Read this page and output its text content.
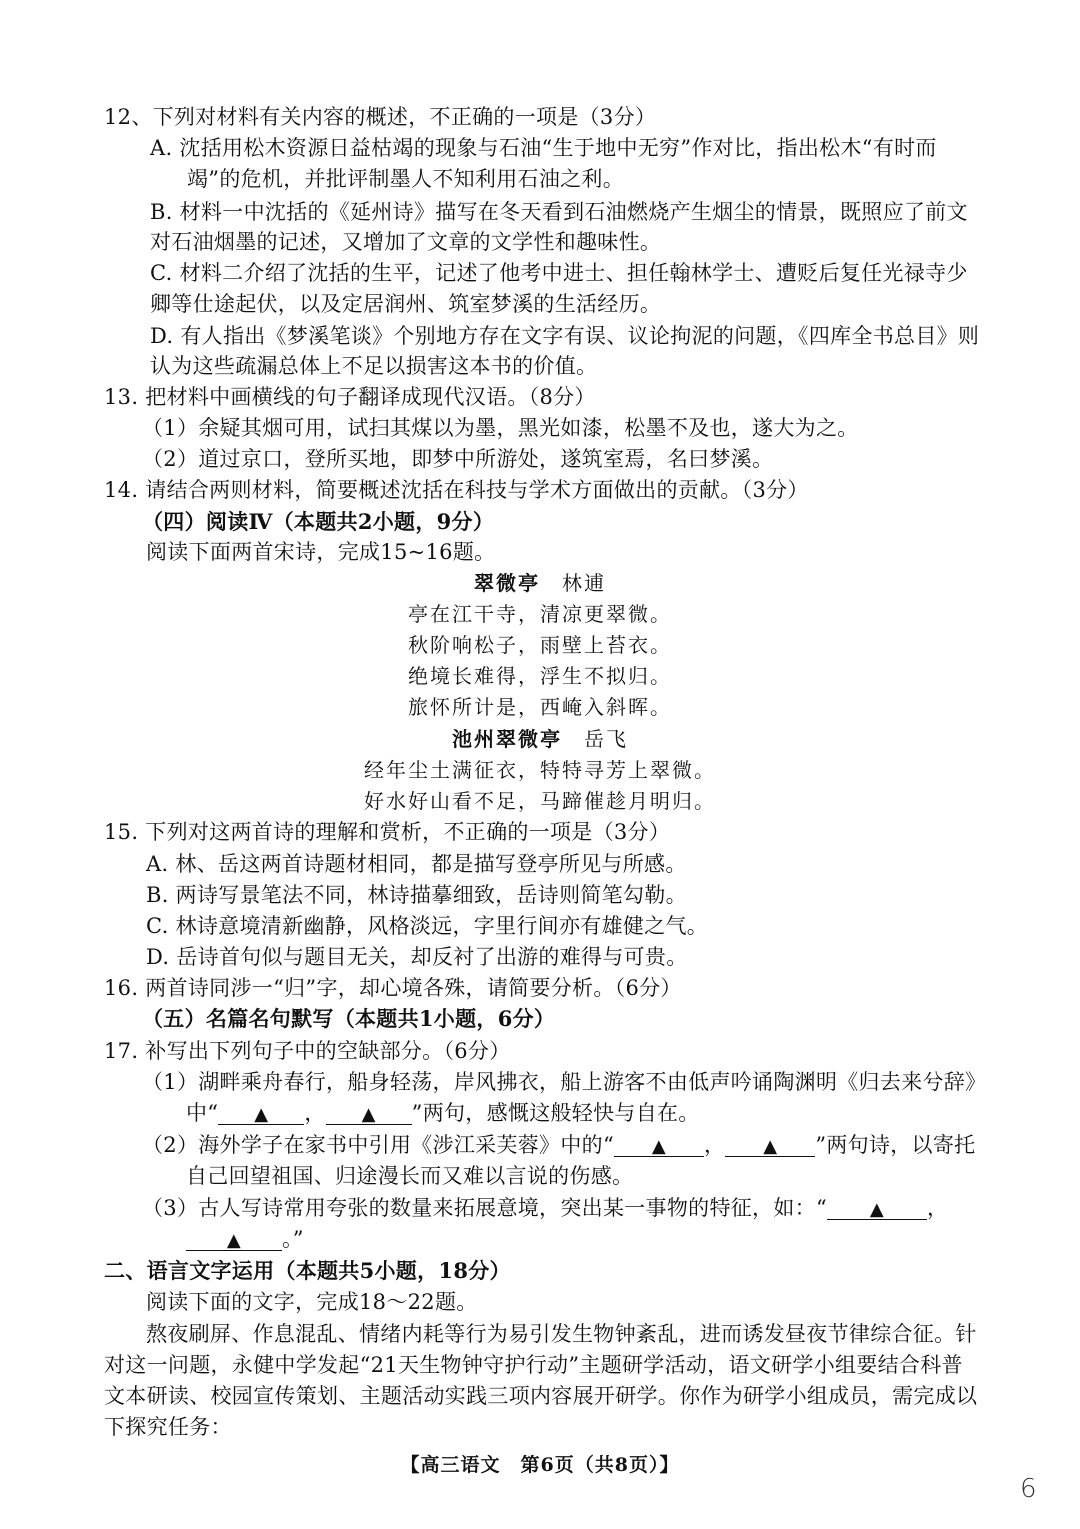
12、下列对材料有关内容的概述，不正确的一项是（3分）
A. 沈括用松木资源日益枯竭的现象与石油“生于地中无穷”作对比，指出松木“有时而
竭”的危机，并批评制墨人不知利用石油之利。
B. 材料一中沈括的《延州诗》描写在冬天看到石油燃烧产生烟尘的情景，既照应了前文
对石油烟墨的记述，又增加了文章的文学性和趣味性。
C. 材料二介绍了沈括的生平，记述了他考中进士、担任翰林学士、遭贬后复任光禄寺少
卿等仕途起伏，以及定居润州、筑室梦溪的生活经历。
D. 有人指出《梦溪笔谈》个别地方存在文字有误、议论拘泥的问题，《四库全书总目》则
认为这些疏漏总体上不足以损害这本书的价值。
13. 把材料中画横线的句子翻译成现代汉语。（8分）
（1）余疑其烟可用，试扫其煤以为墨，黑光如漆，松墨不及也，遂大为之。
（2）道过京口，登所买地，即梦中所游处，遂筑室焉，名曰梦溪。
14. 请结合两则材料，简要概述沈括在科技与学术方面做出的贡献。（3分）
（四）阅读Ⅳ（本题共2小题，9分）
阅读下面两首宋诗，完成15~16题。
翠微亭 林逋
亭在江干寺，清凉更翠微。
秋阶响松子，雨壁上苔衣。
绝境长难得，浮生不拟归。
旅怀所计是，西崦入斜晖。
池州翠微亭 岳飞
经年尘土满征衣，特特寻芳上翠微。
好水好山看不足，马蹄催趁月明归。
15. 下列对这两首诗的理解和赏析，不正确的一项是（3分）
A. 林、岳这两首诗题材相同，都是描写登亭所见与所感。
B. 两诗写景笔法不同，林诗描摹细致，岳诗则简笔勾勒。
C. 林诗意境清新幽静，风格淡远，字里行间亦有雄健之气。
D. 岳诗首句似与题目无关，却反衬了出游的难得与可贵。
16. 两首诗同涉一“归”字，却心境各殊，请简要分析。（6分）
（五）名篇名句默写（本题共1小题，6分）
17. 补写出下列句子中的空缺部分。（6分）
（1）湖畔乘舟春行，船身轻荡，岸风拂衣，船上游客不由低声吟诵陶渊明《归去来兮辞》
中“ ▲ ， ▲ ”两句，感慨这般轻快与自在。
（2）海外学子在家书中引用《涉江采芙蓉》中的“ ▲ ， ▲ ”两句诗，以寄托
自己回望祖国、归途漫长而又难以言说的伤感。
（3）古人写诗常用夸张的数量来拓展意境，突出某一事物的特征，如：“ ▲ ，
▲ 。”
二、语言文字运用（本题共5小题，18分）
阅读下面的文字，完成18～22题。
熬夜刷屏、作息混乱、情绪内耗等行为易引发生物钟紊乱，进而诱发昼夜节律综合征。针
对这一问题，永健中学发起“21天生物钟守护行动”主题研学活动，语文研学小组要结合科普
文本研读、校园宣传策划、主题活动实践三项内容展开研学。你作为研学小组成员，需完成以
下探究任务：
【高三语文　第6页（共8页）】
6
